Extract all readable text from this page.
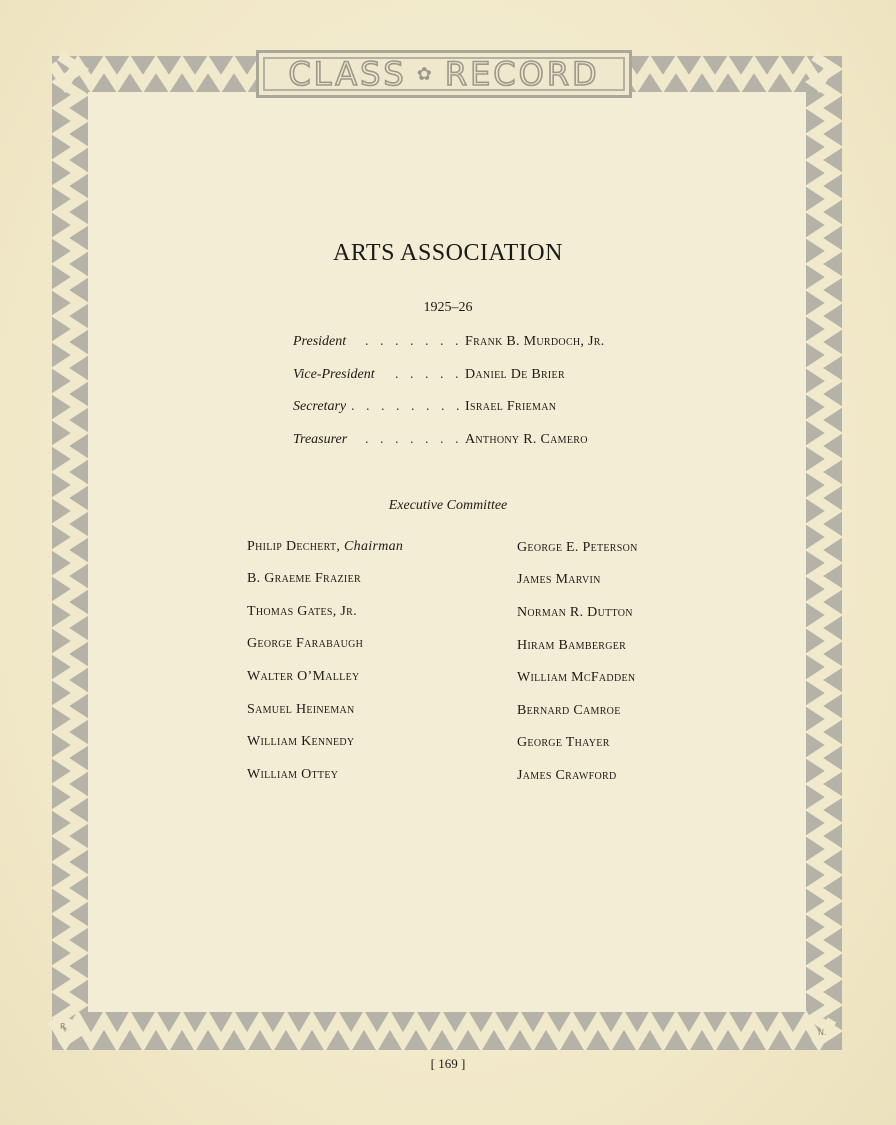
CLASS ✿ RECORD
ARTS ASSOCIATION
1925–26
President . . . . . . . Frank B. Murdoch, Jr.
Vice-President . . . . . Daniel De Brier
Secretary . . . . . . . . Israel Frieman
Treasurer . . . . . . . Anthony R. Camero
Executive Committee
Philip Dechert, Chairman
B. Graeme Frazier
Thomas Gates, Jr.
George Farabaugh
Walter O’Malley
Samuel Heineman
William Kennedy
William Ottey
George E. Peterson
James Marvin
Norman R. Dutton
Hiram Bamberger
William McFadden
Bernard Camroe
George Thayer
James Crawford
R
N.
[ 169 ]
